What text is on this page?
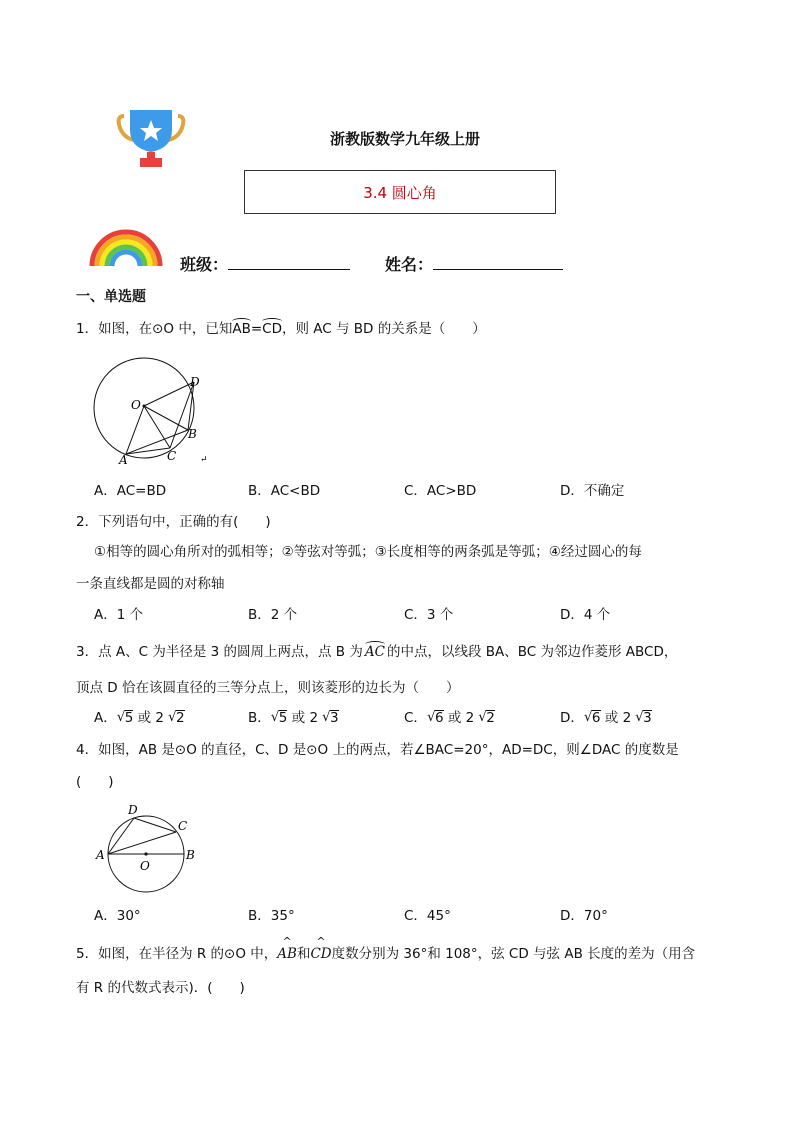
浙教版数学九年级上册
3.4 圆心角
班级：	姓名：
一、单选题
1．如图，在⊙O 中，已知AB=CD，则 AC 与 BD 的关系是（　　）
O
D
B
C
A	↵
A．AC=BD	B．AC<BD	C．AC>BD	D．不确定
2．下列语句中，正确的有(　　)
①相等的圆心角所对的弧相等；②等弦对等弧；③长度相等的两条弧是等弧；④经过圆心的每
一条直线都是圆的对称轴
A．1 个	B．2 个	C．3 个	D．4 个
3．点 A、C 为半径是 3 的圆周上两点，点 B 为 AC 的中点，以线段 BA、BC 为邻边作菱形 ABCD，
顶点 D 恰在该圆直径的三等分点上，则该菱形的边长为（　　）
A． √ 5 或 2 √ 2	B． √ 5 或 2 √ 3	C． √ 6 或 2 √ 2	D． √ 6 或 2 √ 3
4．如图，AB 是⊙O 的直径，C、D 是⊙O 上的两点，若∠BAC=20°，AD=DC，则∠DAC 的度数是
(　　)
D
C
A	B
O
A．30°	B．35°	C．45°	D．70°
5．如图，在半径为 R 的⊙O 中，^ AB和^ CD度数分别为 36°和 108°，弦 CD 与弦 AB 长度的差为（用含
有 R 的代数式表示)．(　　)
